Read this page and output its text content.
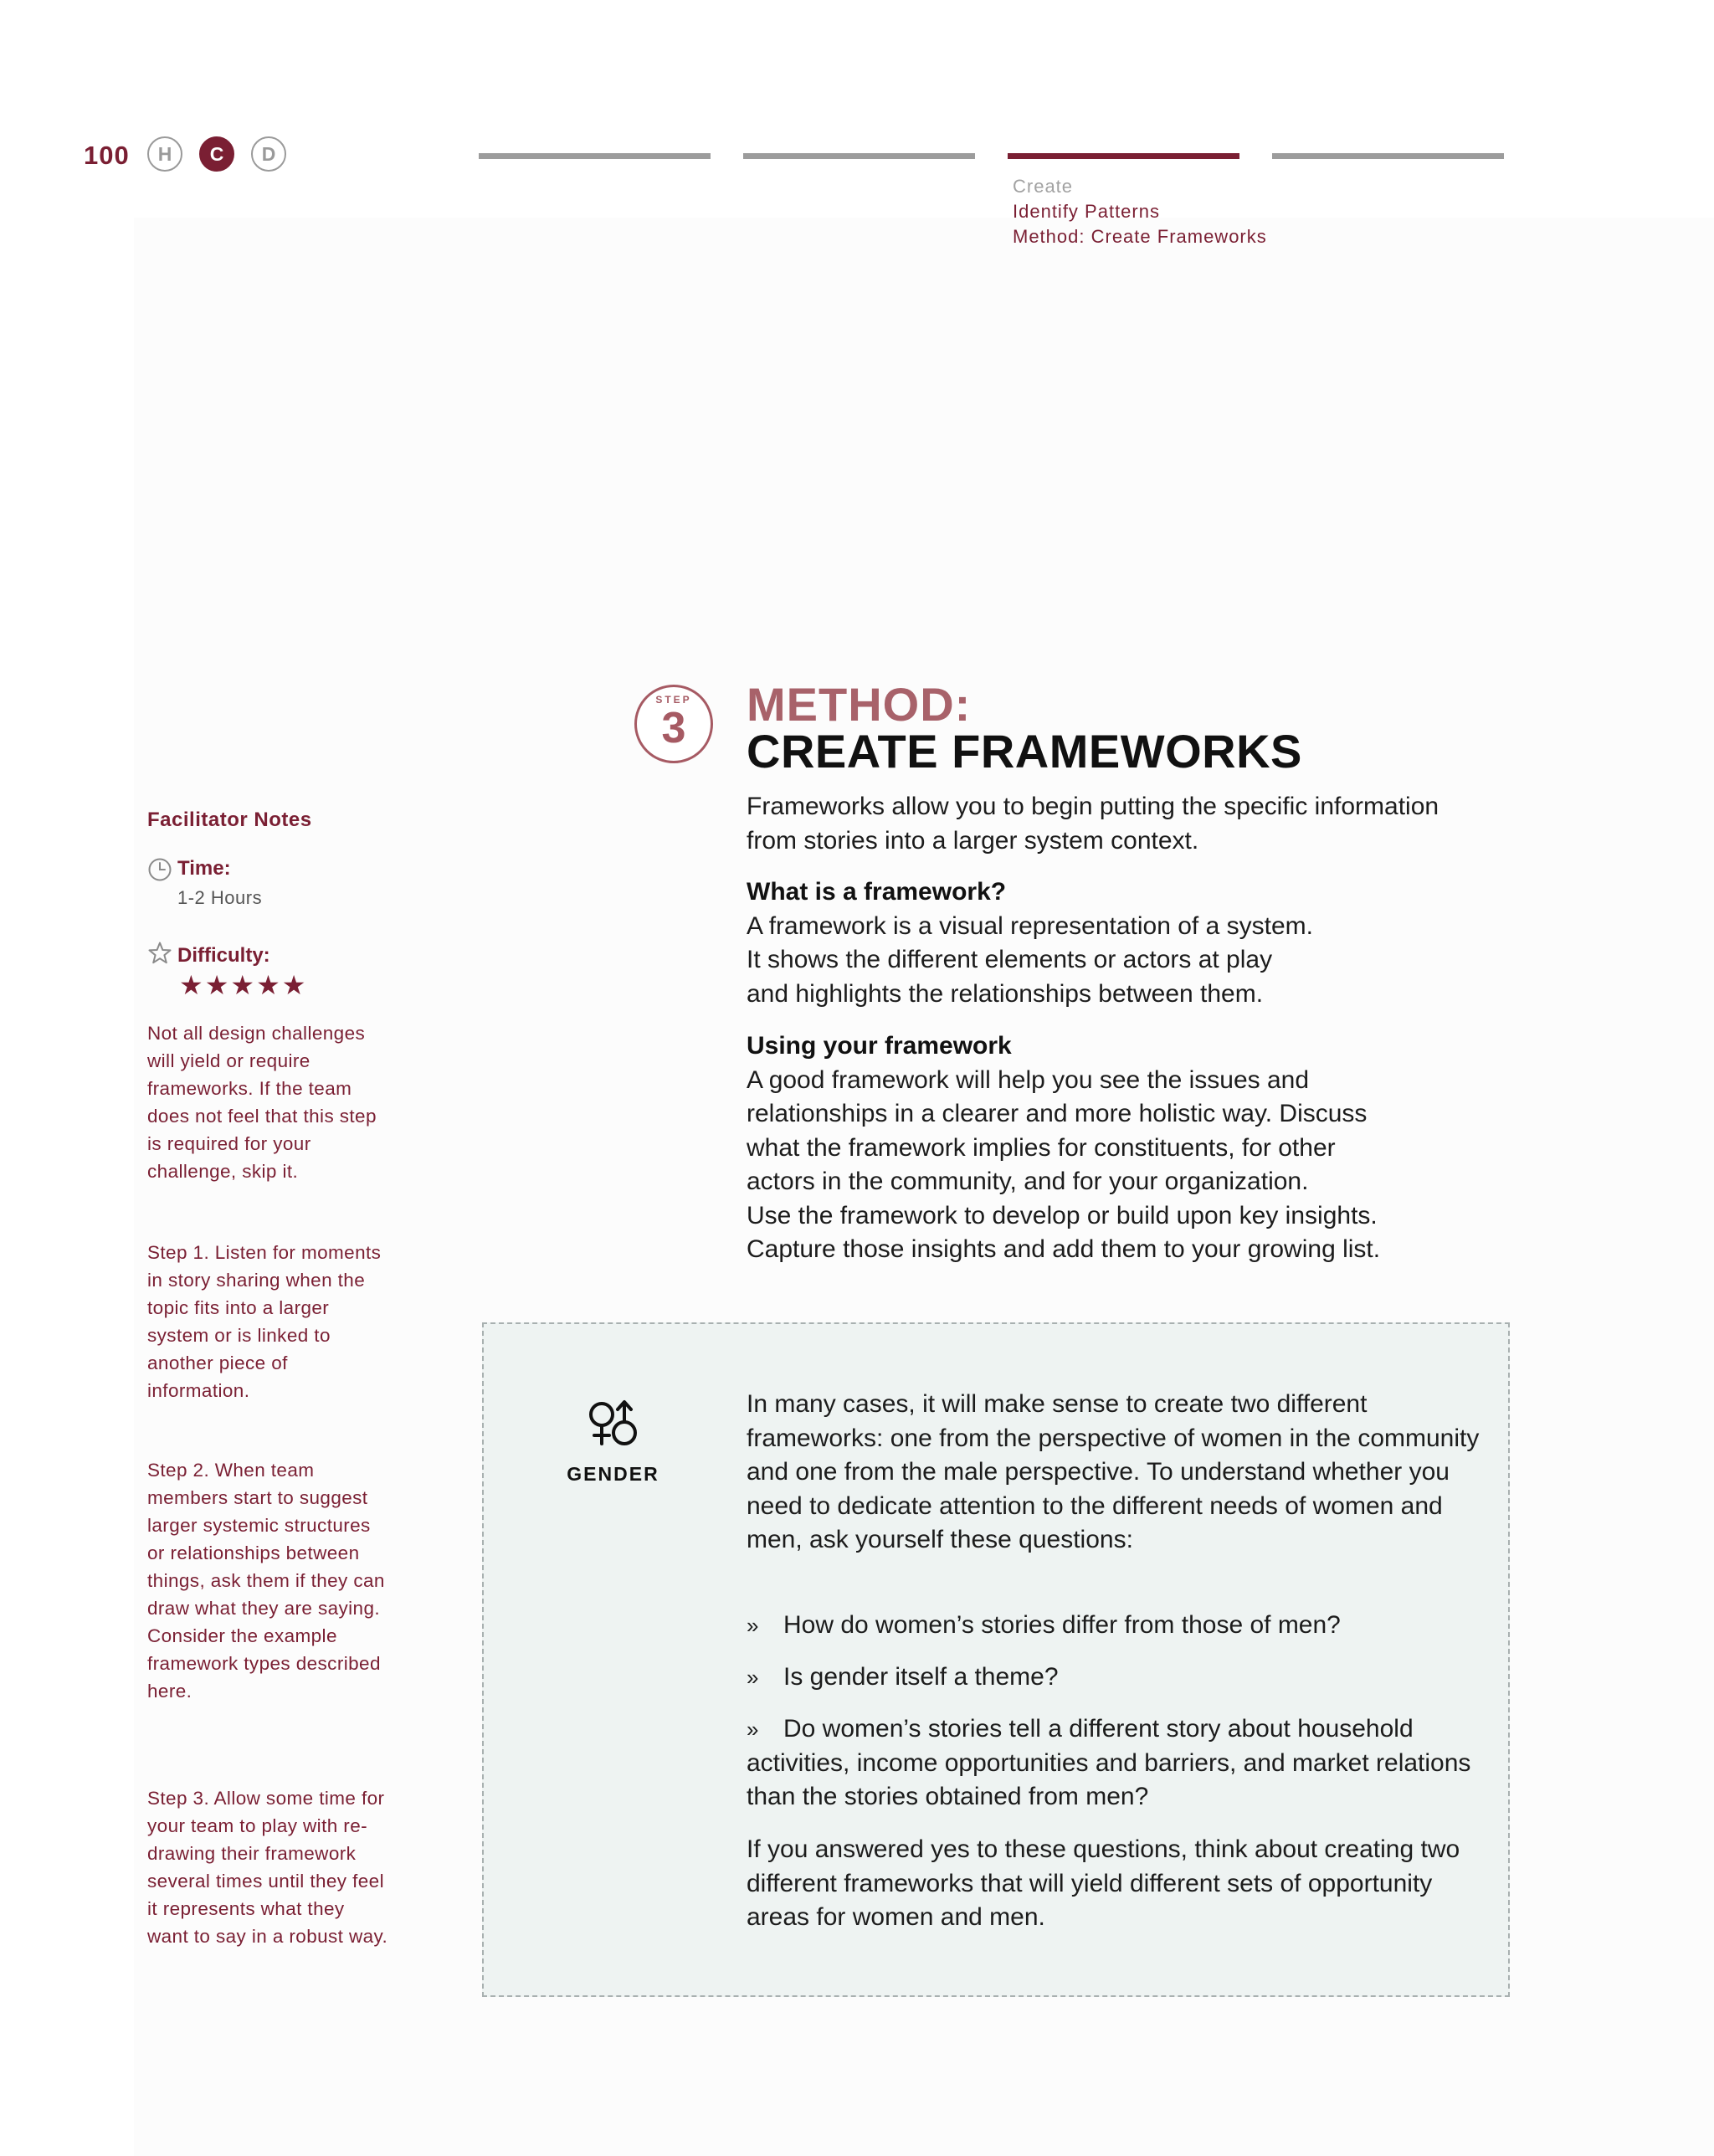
100 H C D
Create
Identify Patterns
Method: Create Frameworks
STEP
3	METHOD:
CREATE FRAMEWORKS

Frameworks allow you to begin putting the specific information from stories into a larger system context.

What is a framework?

A framework is a visual representation of a system.

It shows the different elements or actors at play

and highlights the relationships between them.

Using your framework

A good framework will help you see the issues and

relationships in a clearer and more holistic way. Discuss

what the framework implies for constituents, for other

actors in the community, and for your organization.

Use the framework to develop or build upon key insights.

Capture those insights and add them to your growing list.

Facilitator Notes
Time:
1-2 Hours
Difficulty:
★ ★ ★ ★ ★

Not all design challenges will yield or require frameworks. If the team does not feel that this step is required for your challenge, skip it.

Step 1. Listen for moments in story sharing when the topic fits into a larger system or is linked to another piece of information.

Step 2. When team members start to suggest larger systemic structures or relationships between things, ask them if they can draw what they are saying. Consider the example framework types described here.

Step 3. Allow some time for your team to play with re-drawing their framework several times until they feel it represents what they want to say in a robust way.

GENDER

In many cases, it will make sense to create two different frameworks: one from the perspective of women in the community and one from the male perspective. To understand whether you need to dedicate attention to the different needs of women and men, ask yourself these questions:

» How do women’s stories differ from those of men?

» Is gender itself a theme?

» Do women’s stories tell a different story about household activities, income opportunities and barriers, and market relations than the stories obtained from men?

If you answered yes to these questions, think about creating two different frameworks that will yield different sets of opportunity areas for women and men.
